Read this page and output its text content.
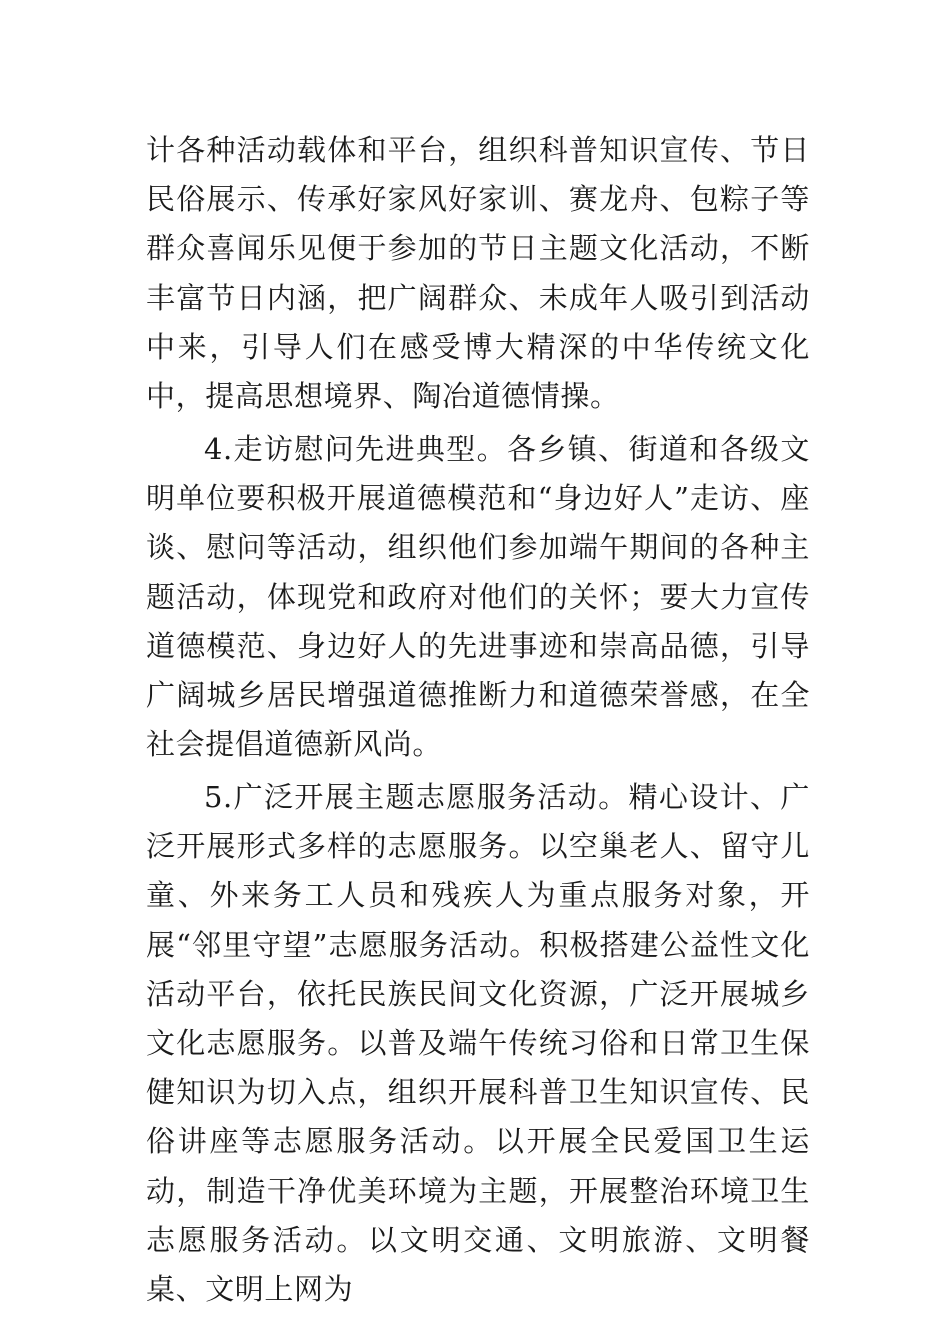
计各种活动载体和平台，组织科普知识宣传、节日民俗展示、传承好家风好家训、赛龙舟、包粽子等群众喜闻乐见便于参加的节日主题文化活动，不断丰富节日内涵，把广阔群众、未成年人吸引到活动中来，引导人们在感受博大精深的中华传统文化中，提高思想境界、陶冶道德情操。

4.走访慰问先进典型。各乡镇、街道和各级文明单位要积极开展道德模范和“身边好人”走访、座谈、慰问等活动，组织他们参加端午期间的各种主题活动，体现党和政府对他们的关怀；要大力宣传道德模范、身边好人的先进事迹和崇高品德，引导广阔城乡居民增强道德推断力和道德荣誉感，在全社会提倡道德新风尚。

5.广泛开展主题志愿服务活动。精心设计、广泛开展形式多样的志愿服务。以空巢老人、留守儿童、外来务工人员和残疾人为重点服务对象，开展“邻里守望”志愿服务活动。积极搭建公益性文化活动平台，依托民族民间文化资源，广泛开展城乡文化志愿服务。以普及端午传统习俗和日常卫生保健知识为切入点，组织开展科普卫生知识宣传、民俗讲座等志愿服务活动。以开展全民爱国卫生运动，制造干净优美环境为主题，开展整治环境卫生志愿服务活动。以文明交通、文明旅游、文明餐桌、文明上网为
